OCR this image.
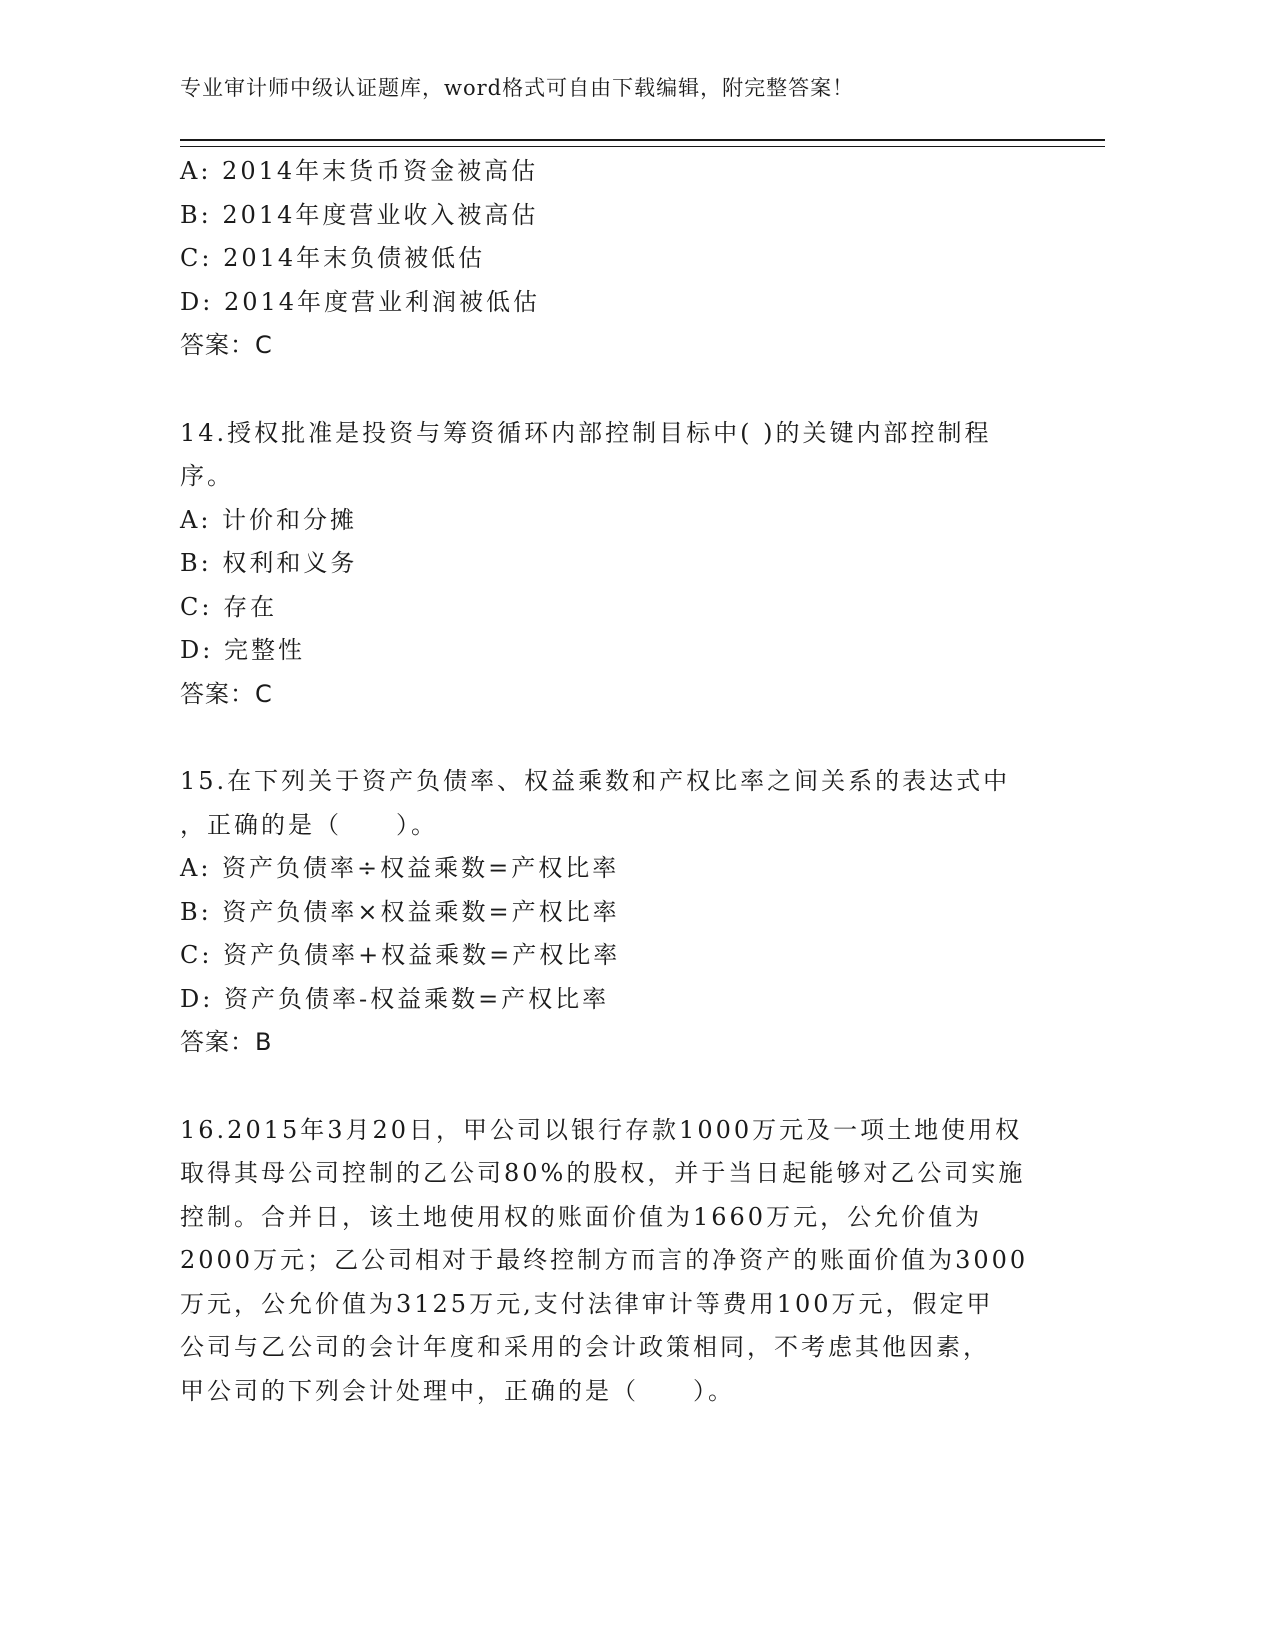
专业审计师中级认证题库，word格式可自由下载编辑，附完整答案！
A: 2014年末货币资金被高估
B: 2014年度营业收入被高估
C: 2014年末负债被低估
D: 2014年度营业利润被低估
答案：C
14.授权批准是投资与筹资循环内部控制目标中( )的关键内部控制程
序。
A: 计价和分摊
B: 权利和义务
C: 存在
D: 完整性
答案：C
15.在下列关于资产负债率、权益乘数和产权比率之间关系的表达式中
，正确的是（　　）。
A: 资产负债率÷权益乘数=产权比率
B: 资产负债率×权益乘数=产权比率
C: 资产负债率+权益乘数=产权比率
D: 资产负债率-权益乘数=产权比率
答案：B
16.2015年3月20日，甲公司以银行存款1000万元及一项土地使用权
取得其母公司控制的乙公司80%的股权，并于当日起能够对乙公司实施
控制。合并日，该土地使用权的账面价值为1660万元，公允价值为
2000万元；乙公司相对于最终控制方而言的净资产的账面价值为3000
万元，公允价值为3125万元,支付法律审计等费用100万元，假定甲
公司与乙公司的会计年度和采用的会计政策相同，不考虑其他因素，
甲公司的下列会计处理中，正确的是（　　）。
